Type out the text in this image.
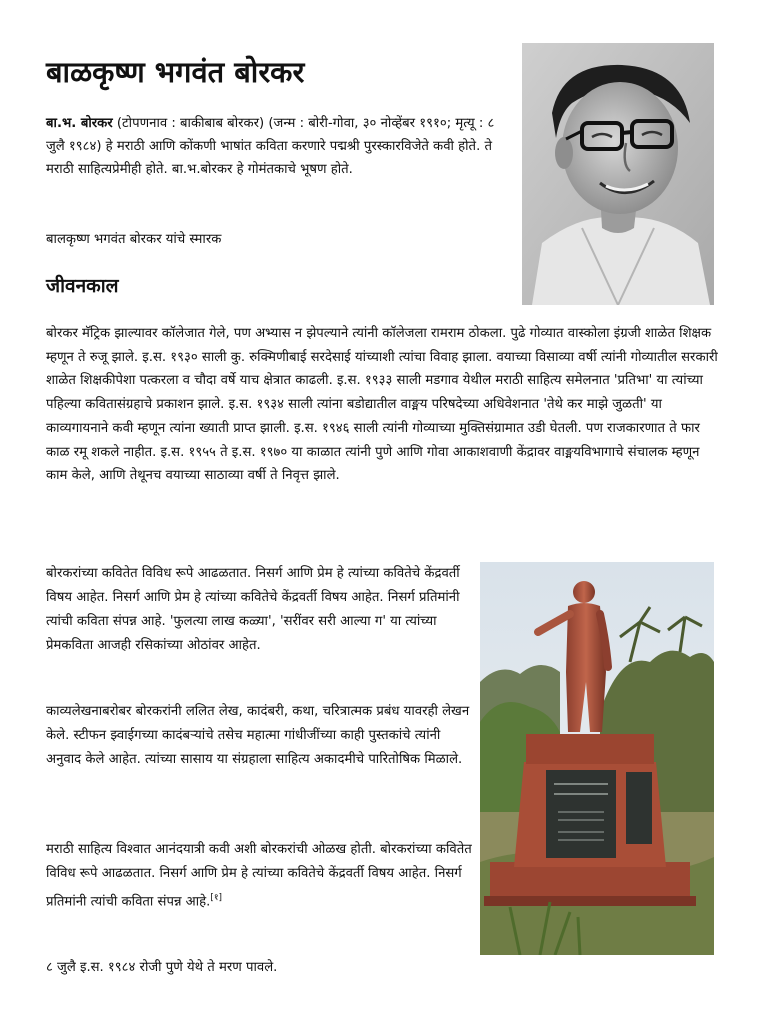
बाळकृष्ण भगवंत बोरकर

बा.भ. बोरकर (टोपणनाव : बाकीबाब बोरकर) (जन्म : बोरी-गोवा, ३० नोव्हेंबर १९१०; मृत्यू : ८ जुलै १९८४) हे मराठी आणि कोंकणी भाषांत कविता करणारे पद्मश्री पुरस्कारविजेते कवी होते. ते मराठी साहित्यप्रेमीही होते. बा.भ.बोरकर हे गोमंतकाचे भूषण होते.

बालकृष्ण भगवंत बोरकर यांचे स्मारक

जीवनकाल

बोरकर मॅट्रिक झाल्यावर कॉलेजात गेले, पण अभ्यास न झेपल्याने त्यांनी कॉलेजला रामराम ठोकला. पुढे गोव्यात वास्कोला इंग्रजी शाळेत शिक्षक म्हणून ते रुजू झाले. इ.स. १९३० साली कु. रुक्मिणीबाई सरदेसाई यांच्याशी त्यांचा विवाह झाला. वयाच्या विसाव्या वर्षी त्यांनी गोव्यातील सरकारी शाळेत शिक्षकीपेशा पत्करला व चौदा वर्षे याच क्षेत्रात काढली. इ.स. १९३३ साली मडगाव येथील मराठी साहित्य समेलनात 'प्रतिभा' या त्यांच्या पहिल्या कवितासंग्रहाचे प्रकाशन झाले. इ.स. १९३४ साली त्यांना बडोद्यातील वाङ्मय परिषदेच्या अधिवेशनात 'तेथे कर माझे जुळती' या काव्यगायनाने कवी म्हणून त्यांना ख्याती प्राप्त झाली. इ.स. १९४६ साली त्यांनी गोव्याच्या मुक्तिसंग्रामात उडी घेतली. पण राजकारणात ते फार काळ रमू शकले नाहीत. इ.स. १९५५ ते इ.स. १९७० या काळात त्यांनी पुणे आणि गोवा आकाशवाणी केंद्रावर वाङ्मयविभागाचे संचालक म्हणून काम केले, आणि तेथूनच वयाच्या साठाव्या वर्षी ते निवृत्त झाले.

बोरकरांच्या कवितेत विविध रूपे आढळतात. निसर्ग आणि प्रेम हे त्यांच्या कवितेचे केंद्रवर्ती विषय आहेत. निसर्ग आणि प्रेम हे त्यांच्या कवितेचे केंद्रवर्ती विषय आहेत. निसर्ग प्रतिमांनी त्यांची कविता संपन्न आहे. 'फुलत्या लाख कळ्या', 'सरींवर सरी आल्या ग' या त्यांच्या प्रेमकविता आजही रसिकांच्या ओठांवर आहेत.

काव्यलेखनाबरोबर बोरकरांनी ललित लेख, कादंबरी, कथा, चरित्रात्मक प्रबंध यावरही लेखन केले. स्टीफन झ्वाईगच्या कादंबऱ्यांचे तसेच महात्मा गांधीजींच्या काही पुस्तकांचे त्यांनी अनुवाद केले आहेत. त्यांच्या सासाय या संग्रहाला साहित्य अकादमीचे पारितोषिक मिळाले.

मराठी साहित्य विश्वात आनंदयात्री कवी अशी बोरकरांची ओळख होती. बोरकरांच्या कवितेत विविध रूपे आढळतात. निसर्ग आणि प्रेम हे त्यांच्या कवितेचे केंद्रवर्ती विषय आहेत. निसर्ग प्रतिमांनी त्यांची कविता संपन्न आहे.[१]

८ जुलै इ.स. १९८४ रोजी पुणे येथे ते मरण पावले.
